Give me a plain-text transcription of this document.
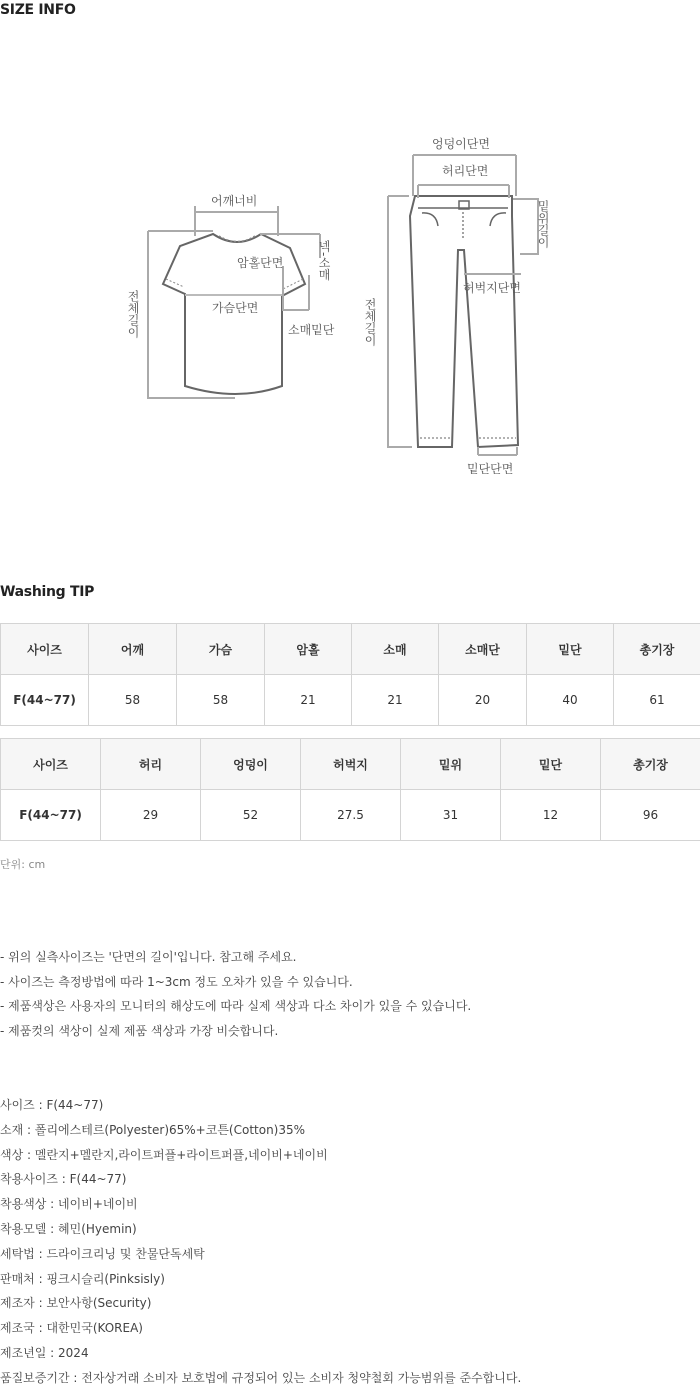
SIZE INFO
어깨너비
넥-소매
암홀단면
가슴단면
소매밑단
전체길이
엉덩이단면
허리단면
밑위길이
허벅지단면
전체길이
밑단단면
Washing TIP
사이즈	어깨	가슴	암홀	소매	소매단	밑단	총기장
F(44~77)	58	58	21	21	20	40	61
사이즈	허리	엉덩이	허벅지	밑위	밑단	총기장
F(44~77)	29	52	27.5	31	12	96
단위: cm
- 위의 실측사이즈는 '단면의 길이'입니다. 참고해 주세요.
- 사이즈는 측정방법에 따라 1~3cm 정도 오차가 있을 수 있습니다.
- 제품색상은 사용자의 모니터의 해상도에 따라 실제 색상과 다소 차이가 있을 수 있습니다.
- 제품컷의 색상이 실제 제품 색상과 가장 비슷합니다.
사이즈 : F(44~77)
소재 : 폴리에스테르(Polyester)65%+코튼(Cotton)35%
색상 : 멜란지+멜란지,라이트퍼플+라이트퍼플,네이비+네이비
착용사이즈 : F(44~77)
착용색상 : 네이비+네이비
착용모델 : 혜민(Hyemin)
세탁법 : 드라이크리닝 및 찬물단독세탁
판매처 : 핑크시슬리(Pinksisly)
제조자 : 보안사항(Security)
제조국 : 대한민국(KOREA)
제조년일 : 2024
품질보증기간 : 전자상거래 소비자 보호법에 규정되어 있는 소비자 청약철회 가능범위를 준수합니다.
